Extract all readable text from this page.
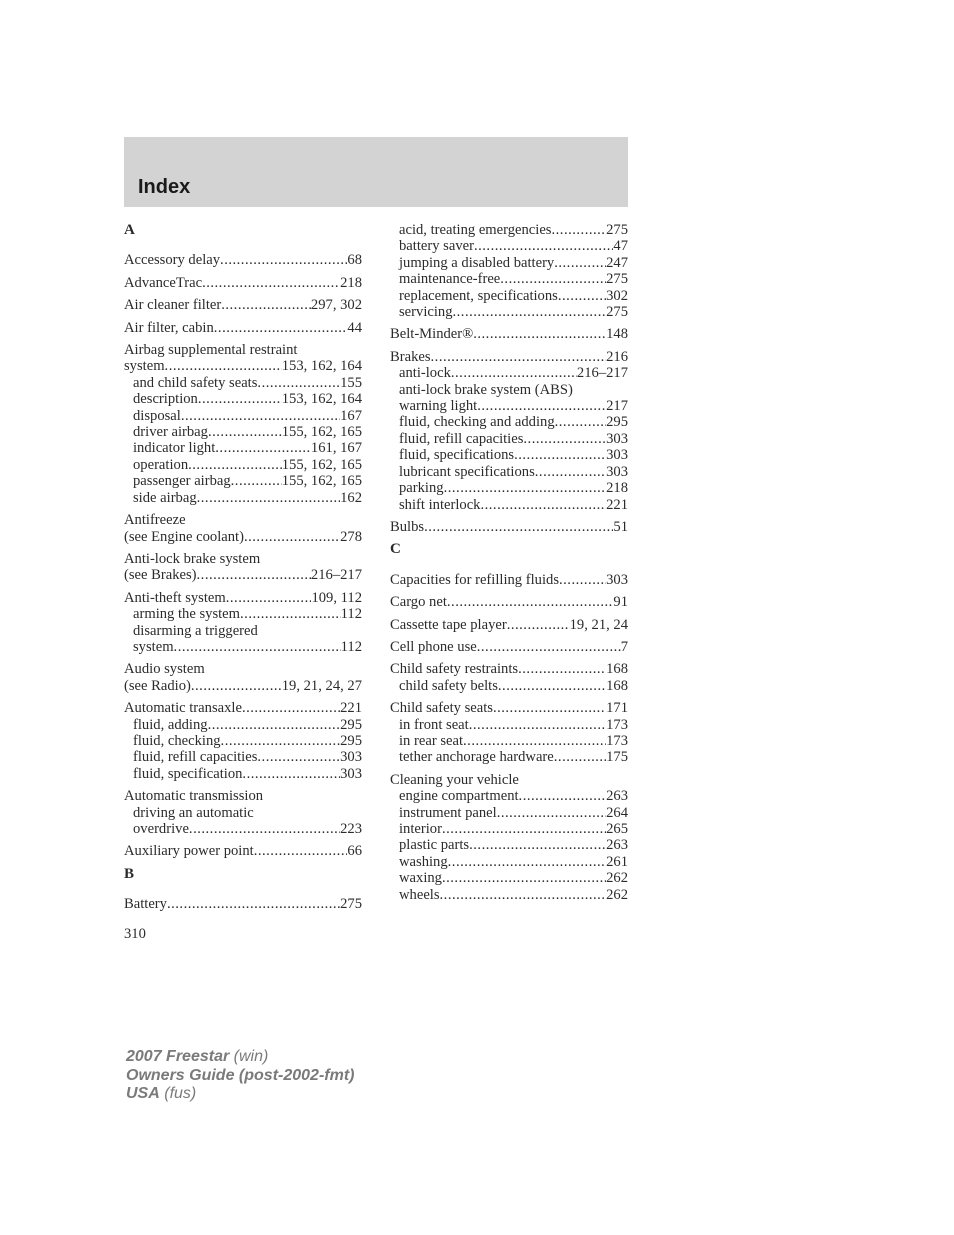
Index
A
Accessory delay .....	68
AdvanceTrac .....	218
Air cleaner filter .....	297, 302
Air filter, cabin .....	44
Airbag supplemental restraint
system .....	153, 162, 164
and child safety seats .....	155
description .....	153, 162, 164
disposal .....	167
driver airbag .....	155, 162, 165
indicator light .....	161, 167
operation .....	155, 162, 165
passenger airbag .....	155, 162, 165
side airbag .....	162
Antifreeze
(see Engine coolant) .....	278
Anti-lock brake system
(see Brakes) .....	216–217
Anti-theft system .....	109, 112
arming the system .....	112
disarming a triggered
system .....	112
Audio system
(see Radio) .....	19, 21, 24, 27
Automatic transaxle .....	221
fluid, adding .....	295
fluid, checking .....	295
fluid, refill capacities .....	303
fluid, specification .....	303
Automatic transmission
driving an automatic
overdrive .....	223
Auxiliary power point .....	66
B
Battery .....	275
acid, treating emergencies .....	275
battery saver .....	47
jumping a disabled battery .....	247
maintenance-free .....	275
replacement, specifications .....	302
servicing .....	275
Belt-Minder® .....	148
Brakes .....	216
anti-lock .....	216–217
anti-lock brake system (ABS)
warning light .....	217
fluid, checking and adding .....	295
fluid, refill capacities .....	303
fluid, specifications .....	303
lubricant specifications .....	303
parking .....	218
shift interlock .....	221
Bulbs .....	51
C
Capacities for refilling fluids .....	303
Cargo net .....	91
Cassette tape player .....	19, 21, 24
Cell phone use .....	7
Child safety restraints .....	168
child safety belts .....	168
Child safety seats .....	171
in front seat .....	173
in rear seat .....	173
tether anchorage hardware .....	175
Cleaning your vehicle
engine compartment .....	263
instrument panel .....	264
interior .....	265
plastic parts .....	263
washing .....	261
waxing .....	262
wheels .....	262
310
2007 Freestar (win)
Owners Guide (post-2002-fmt)
USA (fus)
